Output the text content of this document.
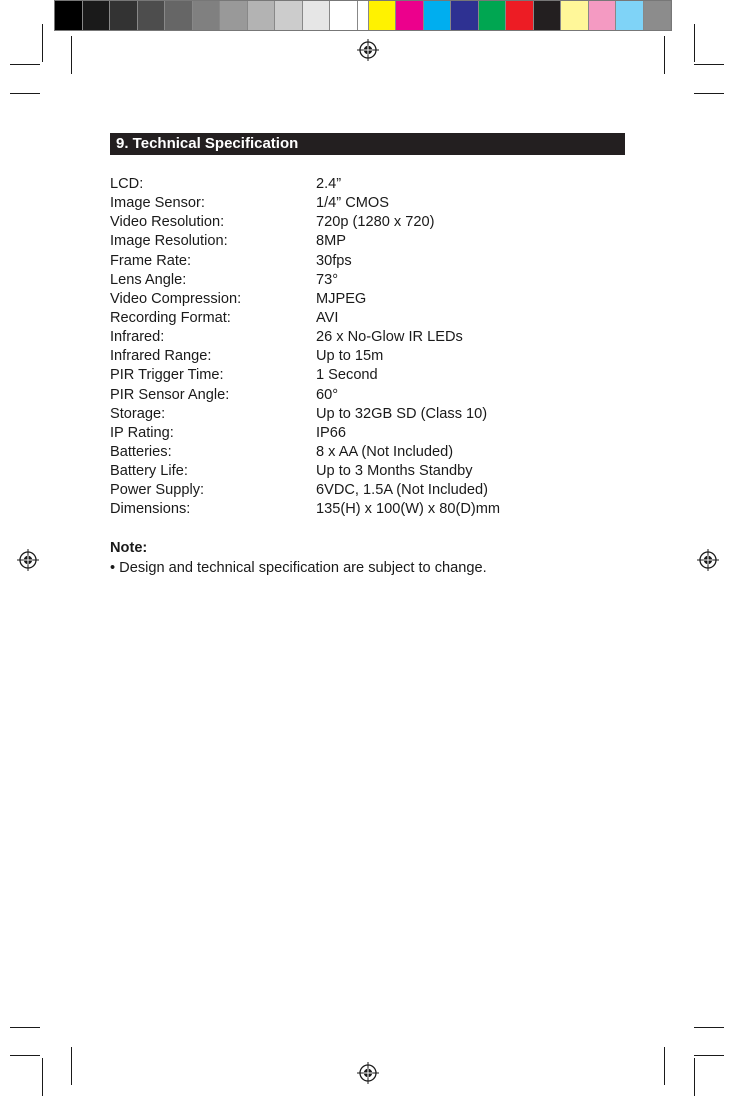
9. Technical Specification
LCD:	2.4”
Image Sensor:	1/4” CMOS
Video Resolution:	720p (1280 x 720)
Image Resolution:	8MP
Frame Rate:	30fps
Lens Angle:	73°
Video Compression:	MJPEG
Recording Format:	AVI
Infrared:	26 x No-Glow IR LEDs
Infrared Range:	Up to 15m
PIR Trigger Time:	1 Second
PIR Sensor Angle:	60°
Storage:	Up to 32GB SD (Class 10)
IP Rating:	IP66
Batteries:	8 x AA (Not Included)
Battery Life:	Up to 3 Months Standby
Power Supply:	6VDC, 1.5A (Not Included)
Dimensions:	135(H) x 100(W) x 80(D)mm
Note:
• Design and technical specification are subject to change.
